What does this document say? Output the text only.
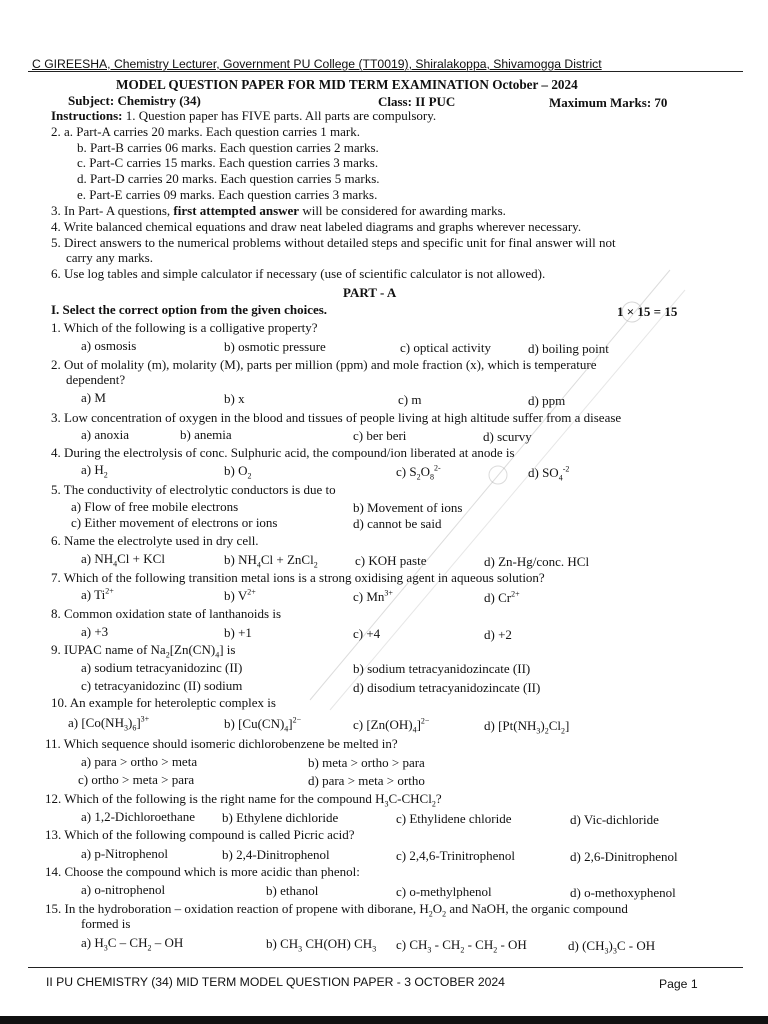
C GIREESHA, Chemistry Lecturer, Government PU College (TT0019), Shiralakoppa, Shivamogga District
MODEL QUESTION PAPER FOR MID TERM EXAMINATION October – 2024
Subject: Chemistry (34)	Class: II PUC	Maximum Marks: 70
Instructions: 1. Question paper has FIVE parts. All parts are compulsory.
2. a. Part-A carries 20 marks. Each question carries 1 mark.
b. Part-B carries 06 marks. Each question carries 2 marks.
c. Part-C carries 15 marks. Each question carries 3 marks.
d. Part-D carries 20 marks. Each question carries 5 marks.
e. Part-E carries 09 marks. Each question carries 3 marks.
3. In Part- A questions, first attempted answer will be considered for awarding marks.
4. Write balanced chemical equations and draw neat labeled diagrams and graphs wherever necessary.
5. Direct answers to the numerical problems without detailed steps and specific unit for final answer will not
carry any marks.
6. Use log tables and simple calculator if necessary (use of scientific calculator is not allowed).
PART - A
I. Select the correct option from the given choices.	1 × 15 = 15
1. Which of the following is a colligative property?
a) osmosis	b) osmotic pressure	c) optical activity	d) boiling point
2. Out of molality (m), molarity (M), parts per million (ppm) and mole fraction (x), which is temperature
dependent?
a) M	b) x	c) m	d) ppm
3. Low concentration of oxygen in the blood and tissues of people living at high altitude suffer from a disease
a) anoxia	b) anemia	c) ber beri	d) scurvy
4. During the electrolysis of conc. Sulphuric acid, the compound/ion liberated at anode is
a) $H_2$	b) $O_2$	c) $S_2O_8^{2-}$	d) $SO_4^{-2}$
5. The conductivity of electrolytic conductors is due to
a) Flow of free mobile electrons	b) Movement of ions
c) Either movement of electrons or ions	d) cannot be said
6. Name the electrolyte used in dry cell.
a) $NH_4Cl$ + KCl	b) $NH_4Cl$ + ZnCl$_2$	c) KOH paste	d) Zn-Hg/conc. HCl
7. Which of the following transition metal ions is a strong oxidising agent in aqueous solution?
a) $Ti^{2+}$	b) $V^{2+}$	c) $Mn^{3+}$	d) $Cr^{2+}$
8. Common oxidation state of lanthanoids is
a) +3	b) +1	c) +4	d) +2
9. IUPAC name of $Na_2[Zn(CN)_4]$ is
a) sodium tetracyanidozinc (II)	b) sodium tetracyanidozincate (II)
c) tetracyanidozinc (II) sodium	d) disodium tetracyanidozincate (II)
10. An example for heteroleptic complex is
a) $[Co(NH_3)_6]^{3+}$	b) $[Cu(CN)_4]^{2-}$	c) $[Zn(OH)_4]^{2-}$	d) $[Pt(NH_3)_2Cl_2]$
11. Which sequence should isomeric dichlorobenzene be melted in?
a) para > ortho > meta	b) meta > ortho > para
c) ortho > meta > para	d) para > meta > ortho
12. Which of the following is the right name for the compound $H_3C-CHCl_2$?
a) 1,2-Dichloroethane b) Ethylene dichloride	c) Ethylidene chloride	d) Vic-dichloride
13. Which of the following compound is called Picric acid?
a) p-Nitrophenol	b) 2,4-Dinitrophenol	c) 2,4,6-Trinitrophenol	d) 2,6-Dinitrophenol
14. Choose the compound which is more acidic than phenol:
a) o-nitrophenol	b) ethanol	c) o-methylphenol	d) o-methoxyphenol
15. In the hydroboration – oxidation reaction of propene with diborane, $H_2O_2$ and NaOH, the organic compound
formed is
a) $H_3C - CH_2$ – OH	b) $CH_3$ CH(OH) $CH_3$ c) $CH_3 - CH_2 - CH_2$ - OH	d) $(CH_3)_3C$ - OH
II PU CHEMISTRY (34) MID TERM MODEL QUESTION PAPER - 3 OCTOBER 2024	Page 1
